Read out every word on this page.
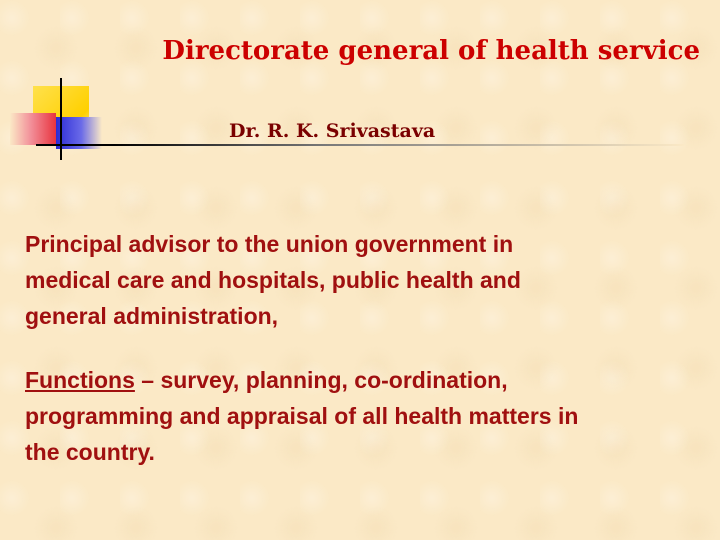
Directorate general of health service
Dr. R. K. Srivastava
Principal advisor to the union government in
medical care and hospitals, public health and
general administration,
Functions – survey, planning, co-ordination,
programming and appraisal of all health matters in
the country.
